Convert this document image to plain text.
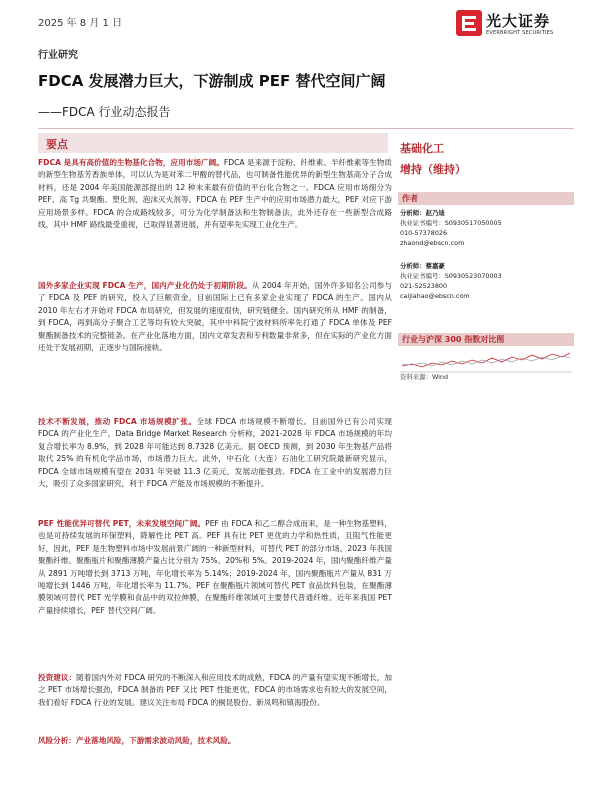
2025 年 8 月 1 日	光大证券
EVERBRIGHT SECURITIES
行业研究
FDCA 发展潜力巨大，下游制成 PEF 替代空间广阔
——FDCA 行业动态报告
要点

FDCA 是具有高价值的生物基化合物，应用市场广阔。FDCA 是来源于淀粉、纤维素、半纤维素等生物质的新型生物基芳香族单体，可以认为是对苯二甲酸的替代品，也可制备性能优异的新型生物基高分子合成材料，还是 2004 年美国能源部提出的 12 种未来最有价值的平台化合物之一。FDCA 应用市场细分为 PEF、高 Tg 共聚酯、塑化剂、泡沫灭火剂等。FDCA 在 PEF 生产中的应用市场潜力最大，PEF 对应下游应用场景多样。FDCA 的合成路线较多，可分为化学制备法和生物制备法，此外还存在一些新型合成路线，其中 HMF 路线最受重视，已取得显著进展，并有望率先实现工业化生产。

国外多家企业实现 FDCA 生产，国内产业化仍处于初期阶段。从 2004 年开始，国外许多知名公司参与了 FDCA 及 PEF 的研究，投入了巨额资金，目前国际上已有多家企业实现了 FDCA 的生产。国内从 2010 年左右才开始对 FDCA 布局研究，但发展的速度很快，研究链健全。国内研究所从 HMF 的制备，到 FDCA，再到高分子聚合工艺等均有较大突破，其中中科院宁波材料所率先打通了 FDCA 单体及 PEF 聚酯制备技术的完整链条。在产业化落地方面，国内文章发表和专利数量非常多，但在实际的产业化方面还处于发展初期，正逐步与国际接轨。

技术不断发展，推动 FDCA 市场规模扩张。全球 FDCA 市场规模不断增长。目前国外已有公司实现 FDCA 的产业化生产，Data Bridge Market Research 分析称，2021-2028 年 FDCA 市场规模的年均复合增长率为 8.9%，到 2028 年可能达到 8.7328 亿美元。据 OECD 预测，到 2030 年生物基产品将取代 25% 的有机化学品市场，市场潜力巨大。此外，中石化（大连）石油化工研究院最新研究显示，FDCA 全球市场规模有望在 2031 年突破 11.3 亿美元，发展动能强劲。FDCA 在工业中的发展潜力巨大，吸引了众多国家研究，利于 FDCA 产能及市场规模的不断提升。

PEF 性能优异可替代 PET，未来发展空间广阔。PEF 由 FDCA 和乙二醇合成而来，是一种生物基塑料，也是可持续发展的环保塑料，降解性比 PET 高。PEF 具有比 PET 更优的力学和热性质，且阻气性能更好，因此，PEF 是生物塑料市场中发展前景广阔的一种新型材料，可替代 PET 的部分市场。2023 年我国聚酯纤维、聚酯瓶片和聚酯薄膜产量占比分别为 75%、20%和 5%。2019-2024 年，国内聚酯纤维产量从 2891 万吨增长到 3713 万吨，年化增长率为 5.14%；2019-2024 年，国内聚酯瓶片产量从 831 万吨增长到 1446 万吨，年化增长率为 11.7%。PEF 在聚酯瓶片领域可替代 PET 食品饮料包装，在聚酯薄膜领域可替代 PET 光学膜和食品中的双拉伸膜，在聚酯纤维领域可主要替代普通纤维。近年来我国 PET 产量持续增长，PEF 替代空间广阔。

投资建议：随着国内外对 FDCA 研究的不断深入和应用技术的成熟，FDCA 的产量有望实现不断增长，加之 PET 市场增长强劲，FDCA 制备的 PEF 又比 PET 性能更优，FDCA 的市场需求也有较大的发展空间，我们看好 FDCA 行业的发展。建议关注布局 FDCA 的桐昆股份、新凤鸣和镇海股份。

风险分析：产业落地风险，下游需求波动风险，技术风险。

基础化工
增持（维持）
作者
分析师：赵乃迪
执业证书编号：S0930517050005
010-57378026
zhaond@ebscn.com
分析师：蔡嘉豪
执业证书编号：S0930523070003
021-52523800
caijiahao@ebscn.com
行业与沪深 300 指数对比图
资料来源：Wind
